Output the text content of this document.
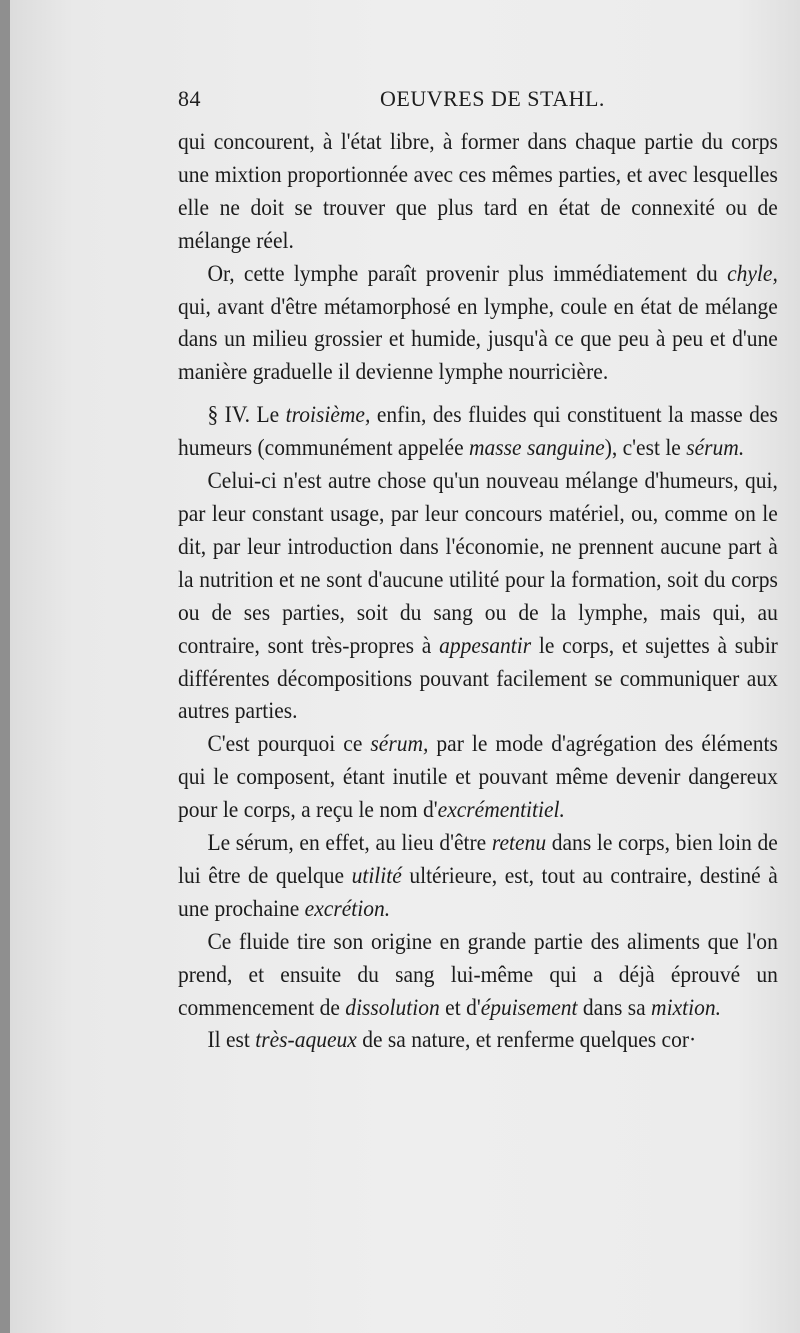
84	OEUVRES DE STAHL.

qui concourent, à l'état libre, à former dans chaque partie du corps une mixtion proportionnée avec ces mêmes parties, et avec lesquelles elle ne doit se trouver que plus tard en état de connexité ou de mélange réel.

Or, cette lymphe paraît provenir plus immédiatement du chyle, qui, avant d'être métamorphosé en lymphe, coule en état de mélange dans un milieu grossier et humide, jusqu'à ce que peu à peu et d'une manière graduelle il devienne lymphe nourricière.

§ IV. Le troisième, enfin, des fluides qui constituent la masse des humeurs (communément appelée masse sanguine), c'est le sérum.

Celui-ci n'est autre chose qu'un nouveau mélange d'humeurs, qui, par leur constant usage, par leur concours matériel, ou, comme on le dit, par leur introduction dans l'économie, ne prennent aucune part à la nutrition et ne sont d'aucune utilité pour la formation, soit du corps ou de ses parties, soit du sang ou de la lymphe, mais qui, au contraire, sont très-propres à appesantir le corps, et sujettes à subir différentes décompositions pouvant facilement se communiquer aux autres parties.

C'est pourquoi ce sérum, par le mode d'agrégation des éléments qui le composent, étant inutile et pouvant même devenir dangereux pour le corps, a reçu le nom d'excrémentitiel.

Le sérum, en effet, au lieu d'être retenu dans le corps, bien loin de lui être de quelque utilité ultérieure, est, tout au contraire, destiné à une prochaine excrétion.

Ce fluide tire son origine en grande partie des aliments que l'on prend, et ensuite du sang lui-même qui a déjà éprouvé un commencement de dissolution et d'épuisement dans sa mixtion.

Il est très-aqueux de sa nature, et renferme quelques cor·
